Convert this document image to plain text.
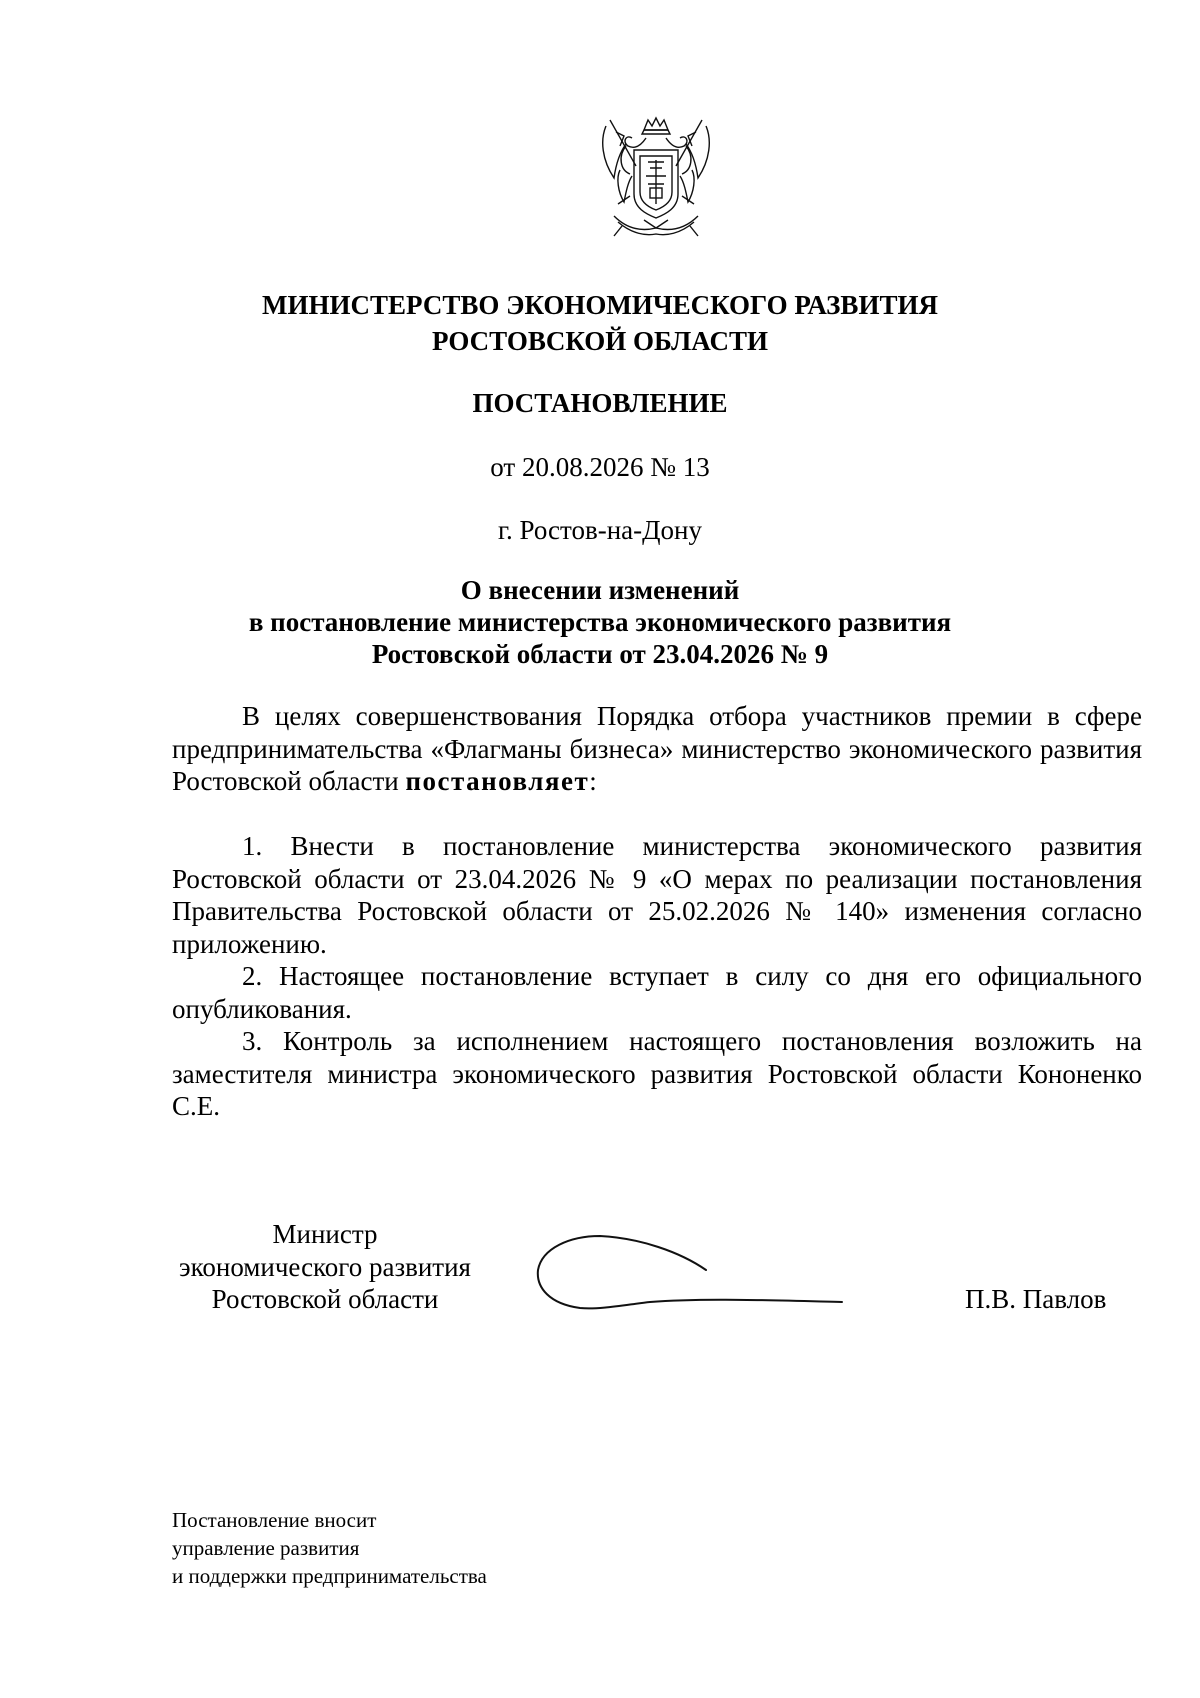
МИНИСТЕРСТВО ЭКОНОМИЧЕСКОГО РАЗВИТИЯ
РОСТОВСКОЙ ОБЛАСТИ
ПОСТАНОВЛЕНИЕ
от 20.08.2026 № 13
г. Ростов-на-Дону
О внесении изменений
в постановление министерства экономического развития
Ростовской области от 23.04.2026 № 9

В целях совершенствования Порядка отбора участников премии в сфере предпринимательства «Флагманы бизнеса» министерство экономического развития Ростовской области постановляет:

1. Внести в постановление министерства экономического развития Ростовской области от 23.04.2026 № 9 «О мерах по реализации постановления Правительства Ростовской области от 25.02.2026 № 140» изменения согласно приложению.

2. Настоящее постановление вступает в силу со дня его официального опубликования.

3. Контроль за исполнением настоящего постановления возложить на заместителя министра экономического развития Ростовской области Кононенко С.Е.

Министр
экономического развития
Ростовской области	П.В. Павлов
Постановление вносит
управление развития
и поддержки предпринимательства
